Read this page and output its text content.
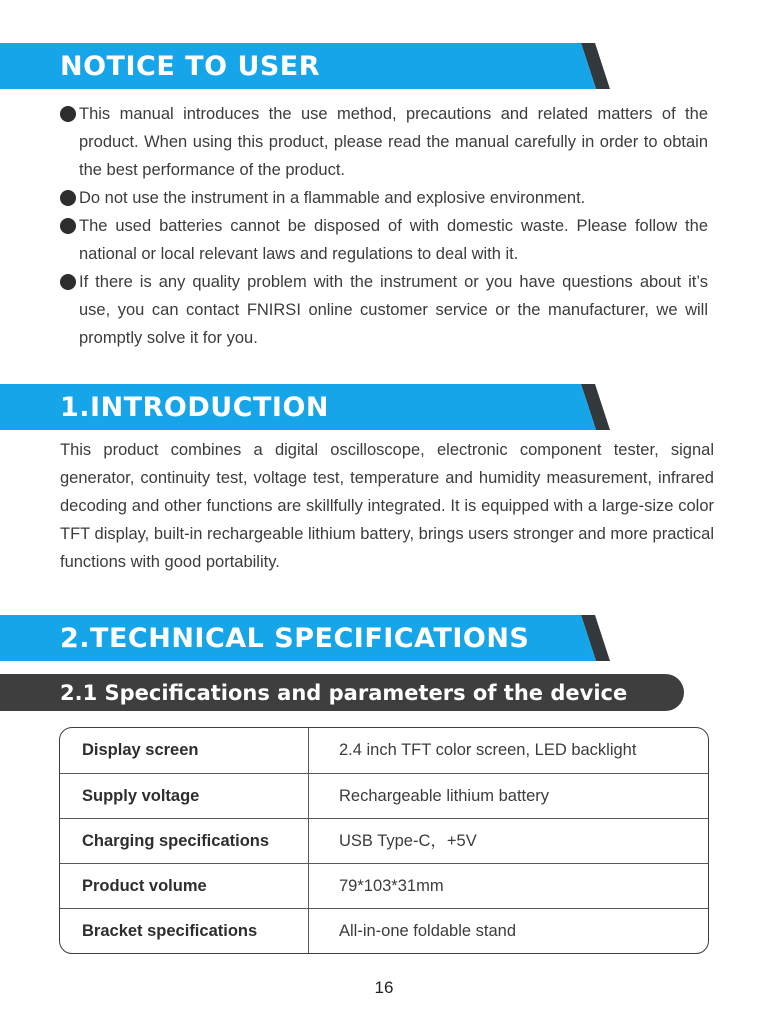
NOTICE TO USER
This manual introduces the use method, precautions and related matters of the product. When using this product, please read the manual carefully in order to obtain the best performance of the product.
Do not use the instrument in a flammable and explosive environment.
The used batteries cannot be disposed of with domestic waste. Please follow the national or local relevant laws and regulations to deal with it.
If there is any quality problem with the instrument or you have questions about it’s use, you can contact FNIRSI online customer service or the manufacturer, we will promptly solve it for you.
1.INTRODUCTION

This product combines a digital oscilloscope, electronic component tester, signal generator, continuity test, voltage test, temperature and humidity measurement, infrared decoding and other functions are skillfully integrated. It is equipped with a large-size color TFT display, built-in rechargeable lithium battery, brings users stronger and more practical functions with good portability.

2.TECHNICAL SPECIFICATIONS
2.1 Specifications and parameters of the device
Display screen	2.4 inch TFT color screen, LED backlight
Supply voltage	Rechargeable lithium battery
Charging specifications	USB Type-C，+5V
Product volume	79*103*31mm
Bracket specifications	All-in-one foldable stand
16
